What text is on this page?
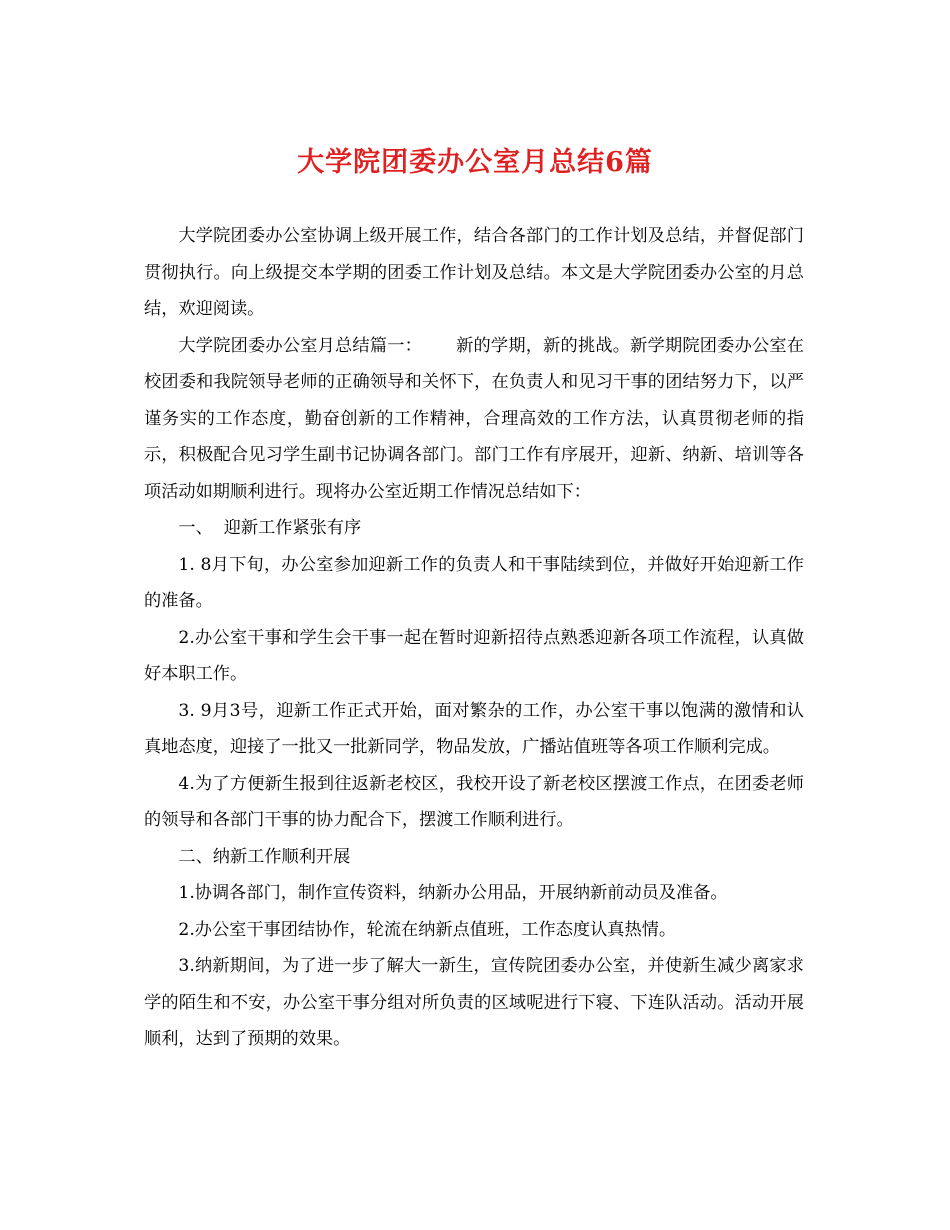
大学院团委办公室月总结6篇

大学院团委办公室协调上级开展工作，结合各部门的工作计划及总结，并督促部门贯彻执行。向上级提交本学期的团委工作计划及总结。本文是大学院团委办公室的月总结，欢迎阅读。

大学院团委办公室月总结篇一：      新的学期，新的挑战。新学期院团委办公室在校团委和我院领导老师的正确领导和关怀下，在负责人和见习干事的团结努力下，以严谨务实的工作态度，勤奋创新的工作精神，合理高效的工作方法，认真贯彻老师的指示，积极配合见习学生副书记协调各部门。部门工作有序展开，迎新、纳新、培训等各项活动如期顺利进行。现将办公室近期工作情况总结如下：

一、  迎新工作紧张有序

1. 8月下旬，办公室参加迎新工作的负责人和干事陆续到位，并做好开始迎新工作的准备。

2.办公室干事和学生会干事一起在暂时迎新招待点熟悉迎新各项工作流程，认真做好本职工作。

3. 9月3号，迎新工作正式开始，面对繁杂的工作，办公室干事以饱满的激情和认真地态度，迎接了一批又一批新同学，物品发放，广播站值班等各项工作顺利完成。

4.为了方便新生报到往返新老校区，我校开设了新老校区摆渡工作点，在团委老师的领导和各部门干事的协力配合下，摆渡工作顺利进行。

二、纳新工作顺利开展

1.协调各部门，制作宣传资料，纳新办公用品，开展纳新前动员及准备。

2.办公室干事团结协作，轮流在纳新点值班，工作态度认真热情。

3.纳新期间，为了进一步了解大一新生，宣传院团委办公室，并使新生减少离家求学的陌生和不安，办公室干事分组对所负责的区域呢进行下寝、下连队活动。活动开展顺利，达到了预期的效果。
